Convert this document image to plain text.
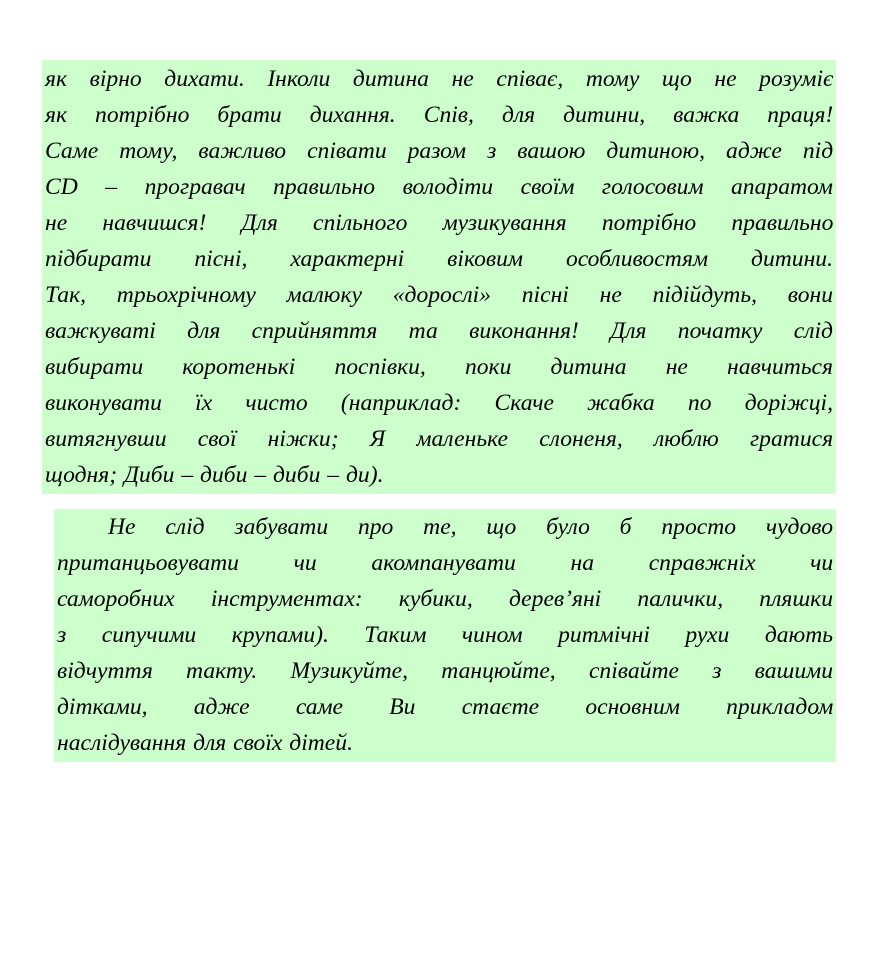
як вірно дихати. Інколи дитина не співає, тому що не розуміє
як потрібно брати дихання. Спів, для дитини, важка праця!
Саме тому, важливо співати разом з вашою дитиною, адже під
CD – програвач правильно володіти своїм голосовим апаратом
не навчишся! Для спільного музикування потрібно правильно
підбирати пісні, характерні віковим особливостям дитини.
Так, трьохрічному малюку «дорослі» пісні не підійдуть, вони
важкуваті для сприйняття та виконання! Для початку слід
вибирати коротенькі поспівки, поки дитина не навчиться
виконувати їх чисто (наприклад: Скаче жабка по доріжці,
витягнувши свої ніжки; Я маленьке слоненя, люблю гратися
щодня; Диби – диби – диби – ди).
Не слід забувати про те, що було б просто чудово
пританцьовувати чи акомпанувати на справжніх чи
саморобних інструментах: кубики, дерев’яні палички, пляшки
з сипучими крупами). Таким чином ритмічні рухи дають
відчуття такту. Музикуйте, танцюйте, співайте з вашими
дітками, адже саме Ви стаєте основним прикладом
наслідування для своїх дітей.
